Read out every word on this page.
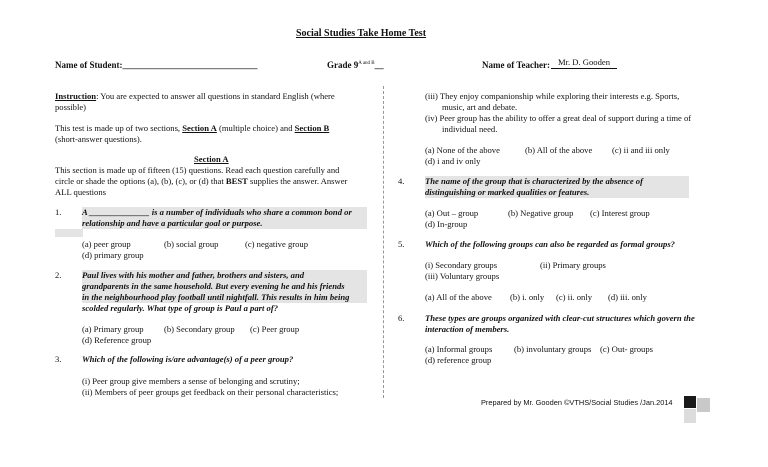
Social Studies Take Home Test
Name of Student:______________________________	Grade $9^{A and B}\_\_$	Name of Teacher: Mr. D. Gooden
Instruction: You are expected to answer all questions in standard English (where
possible)
This test is made up of two sections, Section A (multiple choice) and Section B
(short-answer questions).
Section A
This section is made up of fifteen (15) questions. Read each question carefully and
circle or shade the options (a), (b), (c), or (d) that BEST supplies the answer. Answer
ALL questions
1. A ______________ is a number of individuals who share a common bond or
relationship and have a particular goal or purpose.
(a) peer group	(b) social group	(c) negative group
(d) primary group
2. Paul lives with his mother and father, brothers and sisters, and
grandparents in the same household. But every evening he and his friends
in the neighbourhood play football until nightfall. This results in him being
scolded regularly. What type of group is Paul a part of?
(a) Primary group (b) Secondary group (c) Peer group
(d) Reference group
3. Which of the following is/are advantage(s) of a peer group?
(i) Peer group give members a sense of belonging and scrutiny;
(ii) Members of peer groups get feedback on their personal characteristics;
(iii) They enjoy companionship while exploring their interests e.g. Sports,
music, art and debate.
(iv) Peer group has the ability to offer a great deal of support during a time of
individual need.
(a) None of the above	(b) All of the above (c) ii and iii only
(d) i and iv only
4. The name of the group that is characterized by the absence of
distinguishing or marked qualities or features.
(a) Out – group	(b) Negative group (c) Interest group
(d) In-group
5. Which of the following groups can also be regarded as formal groups?
(i) Secondary groups	(ii) Primary groups
(iii) Voluntary groups
(a) All of the above (b) i. only (c) ii. only (d) iii. only
6. These types are groups organized with clear-cut structures which govern the
interaction of members.
(a) Informal groups	(b) involuntary groups (c) Out- groups
(d) reference group
Prepared by Mr. Gooden ©VTHS/Social Studies /Jan.2014
